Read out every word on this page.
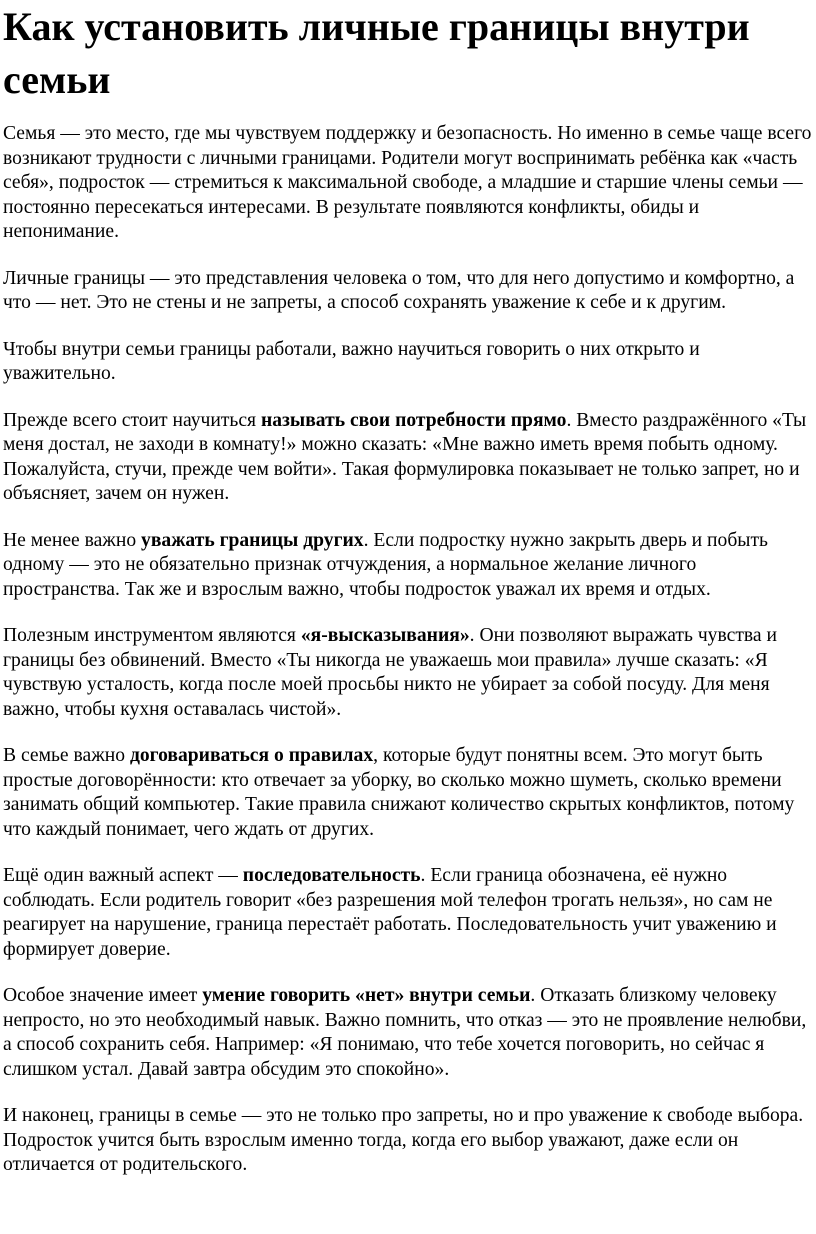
Как установить личные границы внутри семьи

Семья — это место, где мы чувствуем поддержку и безопасность. Но именно в семье чаще всего возникают трудности с личными границами. Родители могут воспринимать ребёнка как «часть себя», подросток — стремиться к максимальной свободе, а младшие и старшие члены семьи — постоянно пересекаться интересами. В результате появляются конфликты, обиды и непонимание.

Личные границы — это представления человека о том, что для него допустимо и комфортно, а что — нет. Это не стены и не запреты, а способ сохранять уважение к себе и к другим.

Чтобы внутри семьи границы работали, важно научиться говорить о них открыто и уважительно.

Прежде всего стоит научиться называть свои потребности прямо. Вместо раздражённого «Ты меня достал, не заходи в комнату!» можно сказать: «Мне важно иметь время побыть одному. Пожалуйста, стучи, прежде чем войти». Такая формулировка показывает не только запрет, но и объясняет, зачем он нужен.

Не менее важно уважать границы других. Если подростку нужно закрыть дверь и побыть одному — это не обязательно признак отчуждения, а нормальное желание личного пространства. Так же и взрослым важно, чтобы подросток уважал их время и отдых.

Полезным инструментом являются «я-высказывания». Они позволяют выражать чувства и границы без обвинений. Вместо «Ты никогда не уважаешь мои правила» лучше сказать: «Я чувствую усталость, когда после моей просьбы никто не убирает за собой посуду. Для меня важно, чтобы кухня оставалась чистой».

В семье важно договариваться о правилах, которые будут понятны всем. Это могут быть простые договорённости: кто отвечает за уборку, во сколько можно шуметь, сколько времени занимать общий компьютер. Такие правила снижают количество скрытых конфликтов, потому что каждый понимает, чего ждать от других.

Ещё один важный аспект — последовательность. Если граница обозначена, её нужно соблюдать. Если родитель говорит «без разрешения мой телефон трогать нельзя», но сам не реагирует на нарушение, граница перестаёт работать. Последовательность учит уважению и формирует доверие.

Особое значение имеет умение говорить «нет» внутри семьи. Отказать близкому человеку непросто, но это необходимый навык. Важно помнить, что отказ — это не проявление нелюбви, а способ сохранить себя. Например: «Я понимаю, что тебе хочется поговорить, но сейчас я слишком устал. Давай завтра обсудим это спокойно».

И наконец, границы в семье — это не только про запреты, но и про уважение к свободе выбора. Подросток учится быть взрослым именно тогда, когда его выбор уважают, даже если он отличается от родительского.
